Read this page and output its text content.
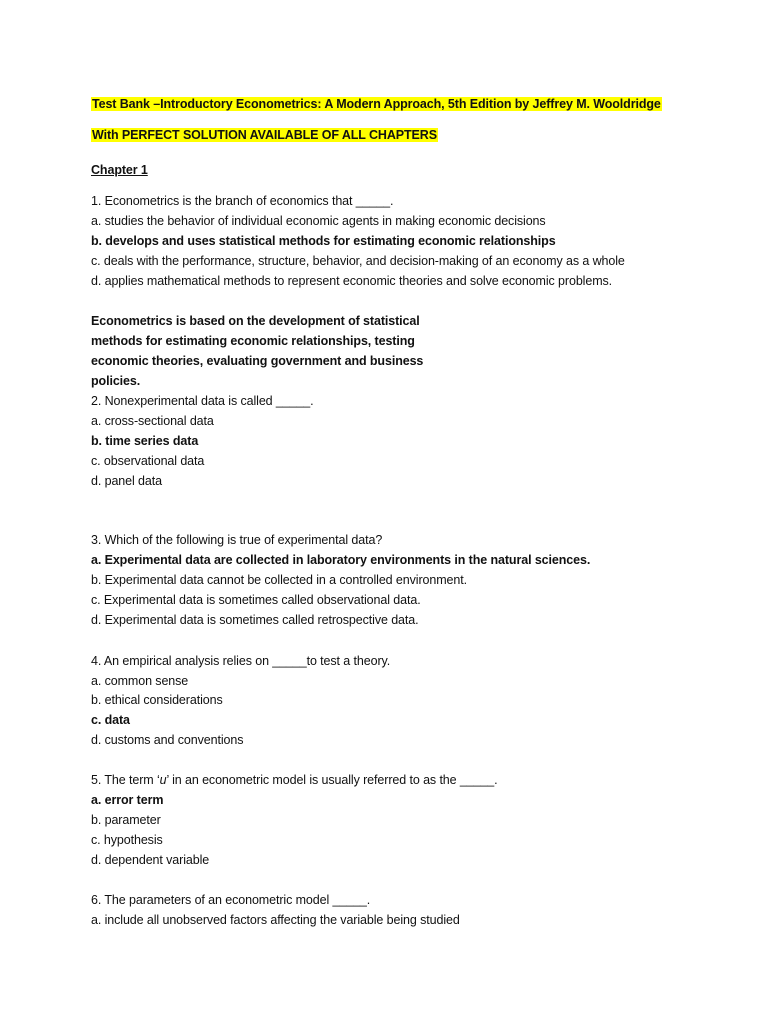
Test Bank –Introductory Econometrics: A Modern Approach, 5th Edition by Jeffrey M. Wooldridge
With PERFECT SOLUTION AVAILABLE OF ALL CHAPTERS
Chapter 1
1. Econometrics is the branch of economics that _____.
a. studies the behavior of individual economic agents in making economic decisions
b. develops and uses statistical methods for estimating economic relationships
c. deals with the performance, structure, behavior, and decision-making of an economy as a whole
d. applies mathematical methods to represent economic theories and solve economic problems.
Econometrics is based on the development of statistical
methods for estimating economic relationships, testing
economic theories, evaluating government and business
policies.
2. Nonexperimental data is called _____.
a. cross-sectional data
b. time series data
c. observational data
d. panel data
3. Which of the following is true of experimental data?
a. Experimental data are collected in laboratory environments in the natural sciences.
b. Experimental data cannot be collected in a controlled environment.
c. Experimental data is sometimes called observational data.
d. Experimental data is sometimes called retrospective data.
4. An empirical analysis relies on _____to test a theory.
a. common sense
b. ethical considerations
c. data
d. customs and conventions
5. The term ‘u’ in an econometric model is usually referred to as the _____.
a. error term
b. parameter
c. hypothesis
d. dependent variable
6. The parameters of an econometric model _____.
a. include all unobserved factors affecting the variable being studied
